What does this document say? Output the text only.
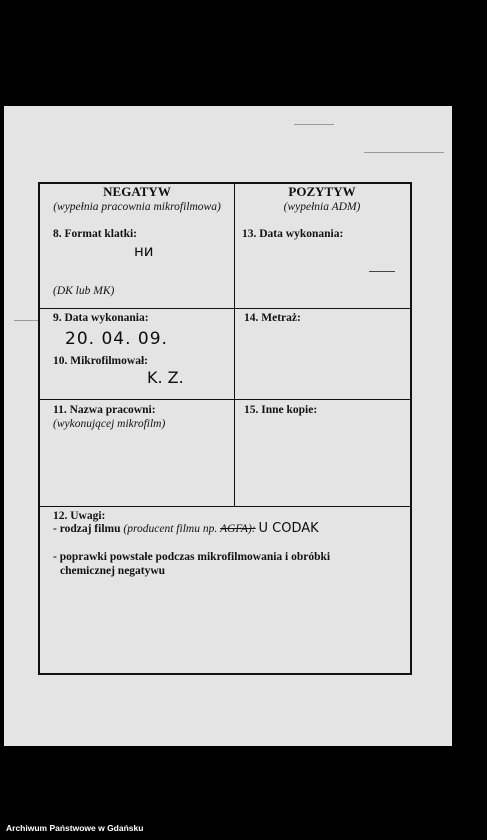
NEGATYW
(wypełnia pracownia mikrofilmowa)
POZYTYW
(wypełnia ADM)
8. Format klatki:
ни
(DK lub MK)
13. Data wykonania:
9. Data wykonania:
20. 04. 09.
10. Mikrofilmował:
K. Z.
14. Metraż:
11. Nazwa pracowni:
(wykonującej mikrofilm)
15. Inne kopie:
12. Uwagi:
- rodzaj filmu (producent filmu np. AGFA): U CODAK
- poprawki powstałe podczas mikrofilmowania i obróbki
chemicznej negatywu
Archiwum Państwowe w Gdańsku
